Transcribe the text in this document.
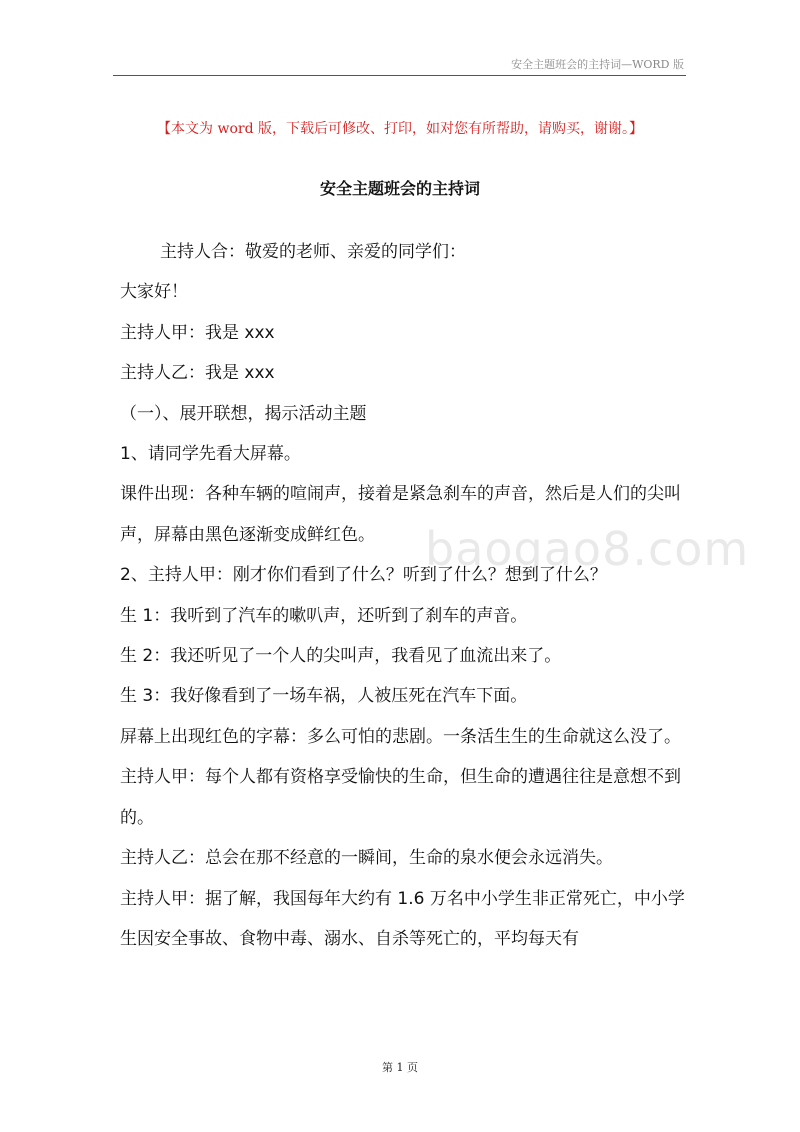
安全主题班会的主持词—WORD 版
【本文为 word 版，下载后可修改、打印，如对您有所帮助，请购买，谢谢。】
安全主题班会的主持词
baogao8.com

主持人合：敬爱的老师、亲爱的同学们：

大家好！

主持人甲：我是 xxx

主持人乙：我是 xxx

（一）、展开联想，揭示活动主题

1、请同学先看大屏幕。

课件出现：各种车辆的喧闹声，接着是紧急刹车的声音，然后是人们的尖叫声，屏幕由黑色逐渐变成鲜红色。

2、主持人甲：刚才你们看到了什么？听到了什么？想到了什么？

生 1：我听到了汽车的嗽叭声，还听到了刹车的声音。

生 2：我还听见了一个人的尖叫声，我看见了血流出来了。

生 3：我好像看到了一场车祸，人被压死在汽车下面。

屏幕上出现红色的字幕：多么可怕的悲剧。一条活生生的生命就这么没了。

主持人甲：每个人都有资格享受愉快的生命，但生命的遭遇往往是意想不到的。

主持人乙：总会在那不经意的一瞬间，生命的泉水便会永远消失。

主持人甲：据了解，我国每年大约有 1.6 万名中小学生非正常死亡，中小学生因安全事故、食物中毒、溺水、自杀等死亡的，平均每天有

第 1 页
